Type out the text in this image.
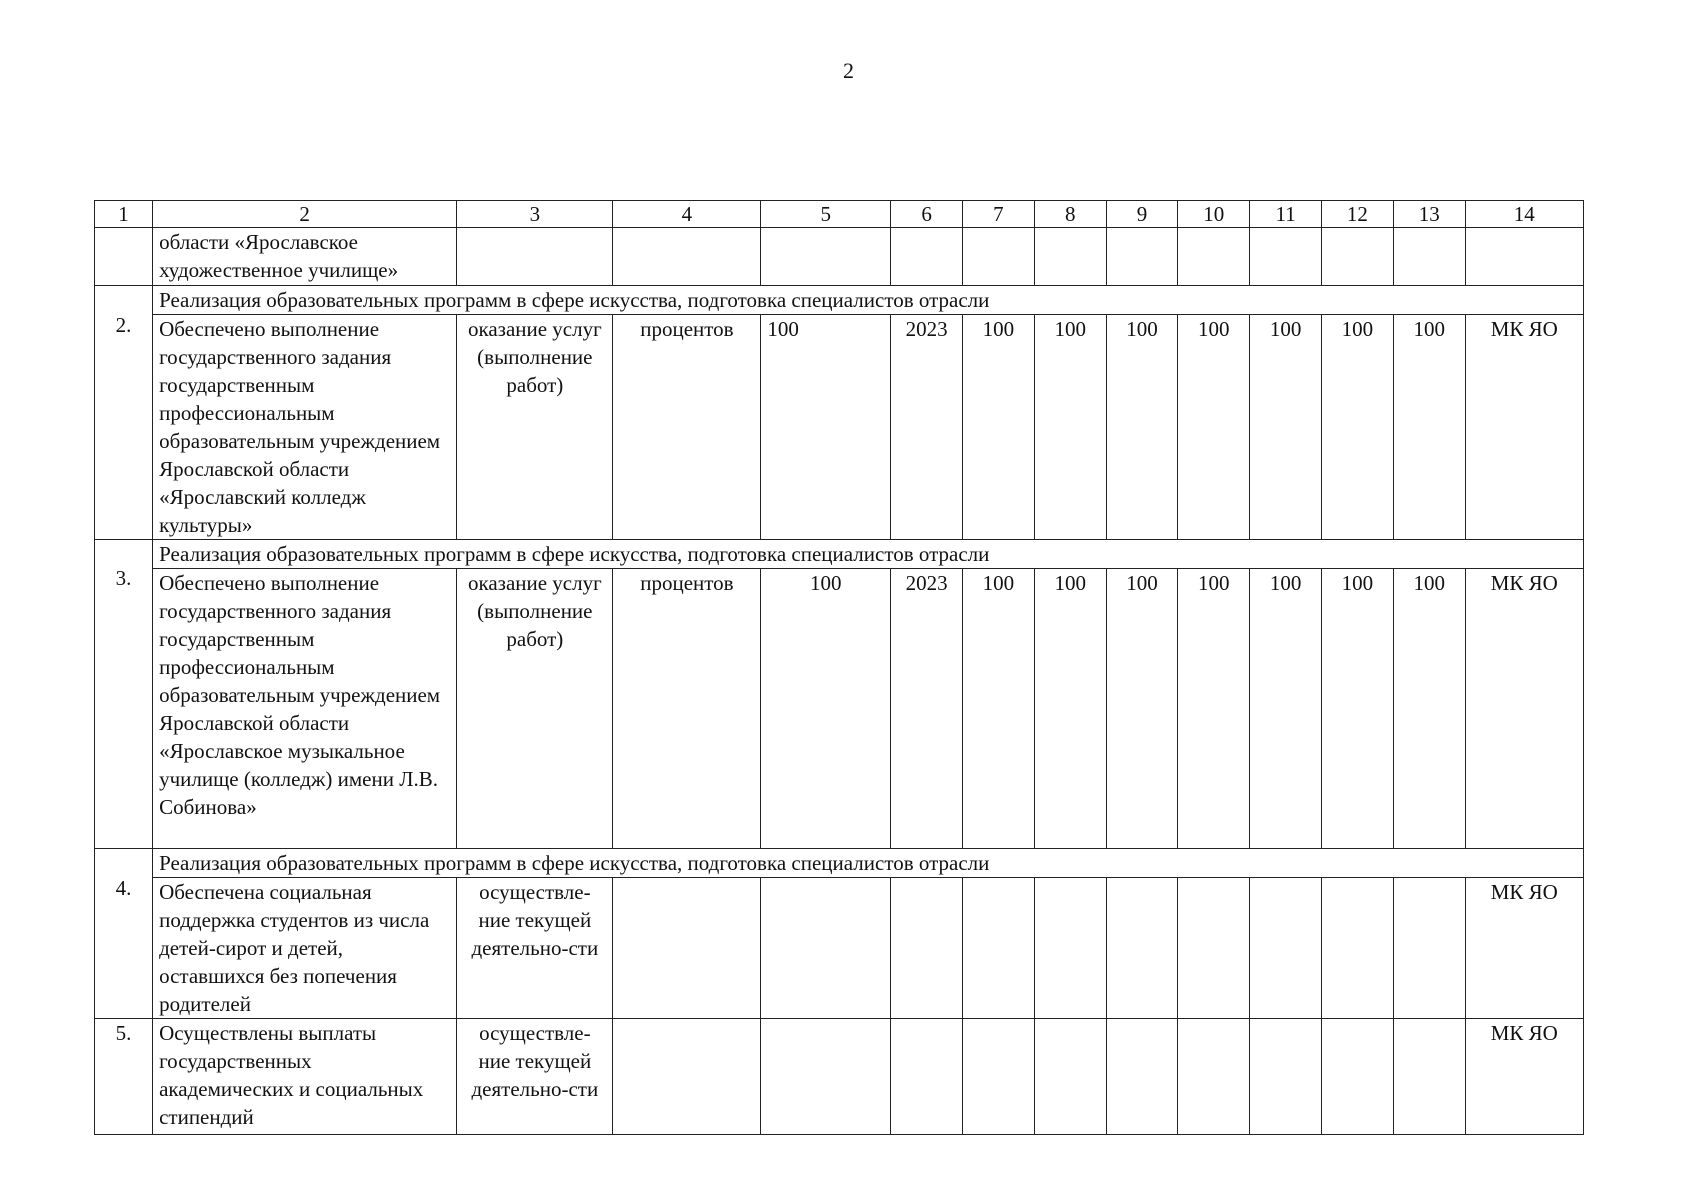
2
1	2	3	4	5	6	7	8	9	10	11	12	13	14
	области «Ярославское художественное училище»												
2.	Реализация образовательных программ в сфере искусства, подготовка специалистов отрасли												
	Обеспечено выполнение государственного задания государственным профессиональным образовательным учреждением Ярославской области «Ярославский колледж культуры»	оказание услуг (выполнение работ)	процентов	100	2023	100	100	100	100	100	100	100	МК ЯО
3.	Реализация образовательных программ в сфере искусства, подготовка специалистов отрасли												
	Обеспечено выполнение государственного задания государственным профессиональным образовательным учреждением Ярославской области «Ярославское музыкальное училище (колледж) имени Л.В. Собинова»	оказание услуг (выполнение работ)	процентов	100	2023	100	100	100	100	100	100	100	МК ЯО
4.	Реализация образовательных программ в сфере искусства, подготовка специалистов отрасли												
	Обеспечена социальная поддержка студентов из числа детей-сирот и детей, оставшихся без попечения родителей	осуществле-ние текущей деятельно-сти											МК ЯО
5.	Осуществлены выплаты государственных академических и социальных стипендий	осуществле-ние текущей деятельно-сти											МК ЯО
